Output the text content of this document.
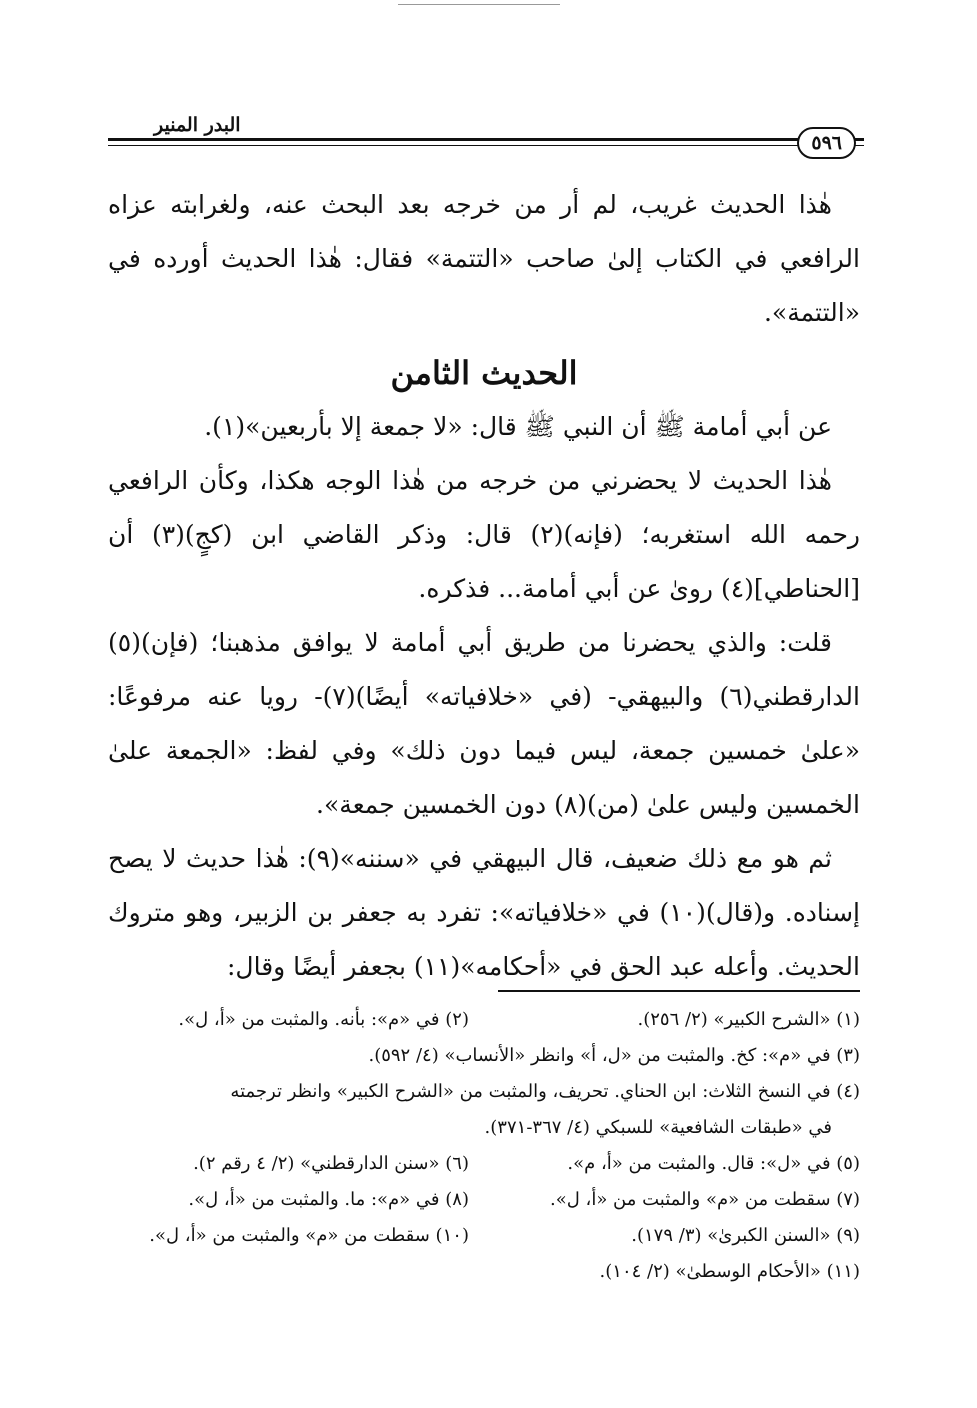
البدر المنير
٥٩٦

هٰذا الحديث غريب، لم أر من خرجه بعد البحث عنه، ولغرابته عزاه الرافعي في الكتاب إلىٰ صاحب «التتمة» فقال: هٰذا الحديث أورده في «التتمة».

الحديث الثامن

عن أبي أمامة ﷺ أن النبي ﷺ قال: «لا جمعة إلا بأربعين»(١).

هٰذا الحديث لا يحضرني من خرجه من هٰذا الوجه هكذا، وكأن الرافعي رحمه الله استغربه؛ (فإنه)(٢) قال: وذكر القاضي ابن (كجٍ)(٣) أن [الحناطي](٤) روىٰ عن أبي أمامة... فذكره.

قلت: والذي يحضرنا من طريق أبي أمامة لا يوافق مذهبنا؛ (فإن)(٥) الدارقطني(٦) والبيهقي- (في «خلافياته» أيضًا)(٧)- رويا عنه مرفوعًا: «علىٰ خمسين جمعة، ليس فيما دون ذلك» وفي لفظ: «الجمعة علىٰ الخمسين وليس علىٰ (من)(٨) دون الخمسين جمعة».

ثم هو مع ذلك ضعيف، قال البيهقي في «سننه»(٩): هٰذا حديث لا يصح إسناده. و(قال)(١٠) في «خلافياته»: تفرد به جعفر بن الزبير، وهو متروك الحديث. وأعله عبد الحق في «أحكامه»(١١) بجعفر أيضًا وقال:

(١) «الشرح الكبير» (٢/ ٢٥٦).
(٢) في «م»: بأنه. والمثبت من «أ، ل».
(٣) في «م»: كخ. والمثبت من «ل، أ» وانظر «الأنساب» (٤/ ٥٩٢).
(٤) في النسخ الثلاث: ابن الحناي. تحريف، والمثبت من «الشرح الكبير» وانظر ترجمته
في «طبقات الشافعية» للسبكي (٤/ ٣٦٧-٣٧١).
(٥) في «ل»: قال. والمثبت من «أ، م».
(٦) «سنن الدارقطني» (٢/ ٤ رقم ٢).
(٧) سقطت من «م» والمثبت من «أ، ل».
(٨) في «م»: ما. والمثبت من «أ، ل».
(٩) «السنن الكبرىٰ» (٣/ ١٧٩).
(١٠) سقطت من «م» والمثبت من «أ، ل».
(١١) «الأحكام الوسطىٰ» (٢/ ١٠٤).
